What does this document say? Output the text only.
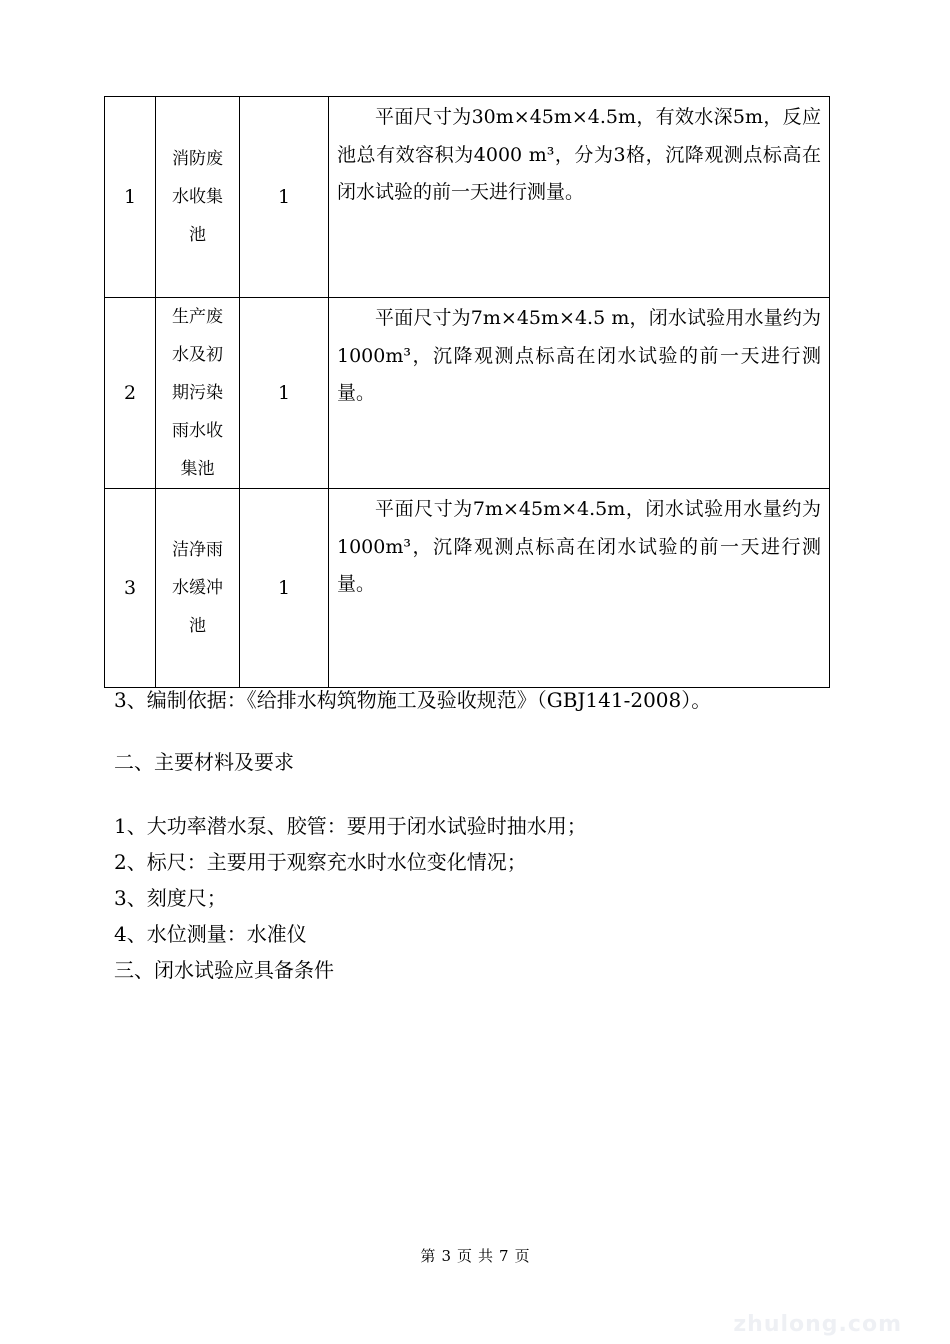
1	消防废
水收集
池	1	平面尺寸为30m×45m×4.5m，有效水深5m，反应池总有效容积为4000 m³，分为3格，沉降观测点标高在闭水试验的前一天进行测量。

2	生产废
水及初
期污染
雨水收
集池	1	平面尺寸为7m×45m×4.5 m，闭水试验用水量约为1000m³，沉降观测点标高在闭水试验的前一天进行测量。

3	洁净雨
水缓冲
池	1	平面尺寸为7m×45m×4.5m，闭水试验用水量约为1000m³，沉降观测点标高在闭水试验的前一天进行测量。

3、编制依据：《给排水构筑物施工及验收规范》（GBJ141-2008）。
二、主要材料及要求
1、大功率潜水泵、胶管：要用于闭水试验时抽水用；
2、标尺：主要用于观察充水时水位变化情况；
3、刻度尺；
4、水位测量：水准仪
三、闭水试验应具备条件
第 3 页 共 7 页
zhulong.com
